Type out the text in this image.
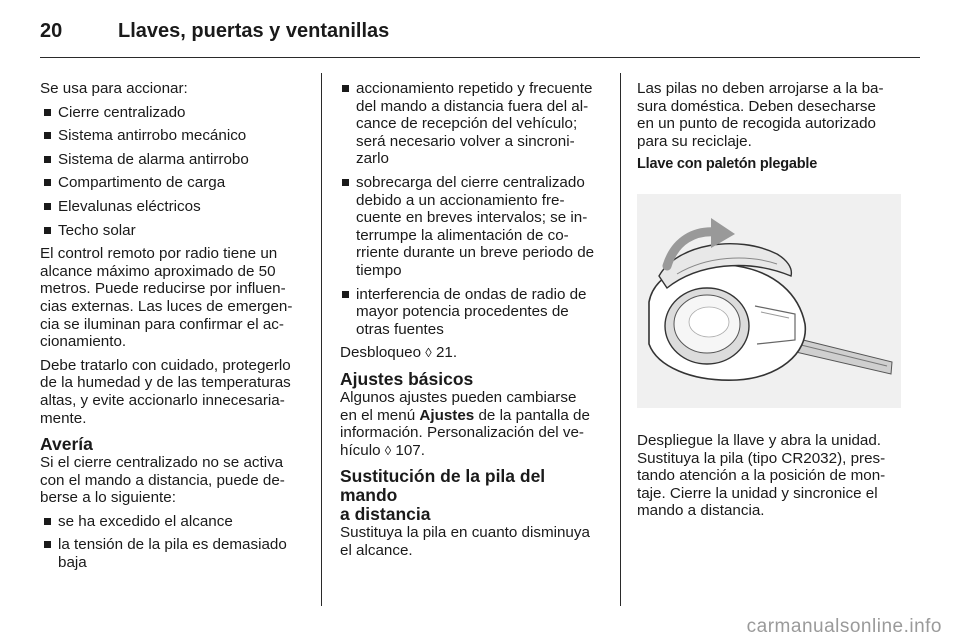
20	Llaves, puertas y ventanillas

Se usa para accionar:

Cierre centralizado
Sistema antirrobo mecánico
Sistema de alarma antirrobo
Compartimento de carga
Elevalunas eléctricos
Techo solar

El control remoto por radio tiene un
alcance máximo aproximado de 50
metros. Puede reducirse por influen-
cias externas. Las luces de emergen-
cia se iluminan para confirmar el ac-
cionamiento.

Debe tratarlo con cuidado, protegerlo
de la humedad y de las temperaturas
altas, y evite accionarlo innecesaria-
mente.

Avería

Si el cierre centralizado no se activa
con el mando a distancia, puede de-
berse a lo siguiente:

se ha excedido el alcance
la tensión de la pila es demasiado
baja
accionamiento repetido y frecuente
del mando a distancia fuera del al-
cance de recepción del vehículo;
será necesario volver a sincroni-
zarlo
sobrecarga del cierre centralizado
debido a un accionamiento fre-
cuente en breves intervalos; se in-
terrumpe la alimentación de co-
rriente durante un breve periodo de
tiempo
interferencia de ondas de radio de
mayor potencia procedentes de
otras fuentes

Desbloqueo ◊ 21.

Ajustes básicos

Algunos ajustes pueden cambiarse
en el menú Ajustes de la pantalla de
información. Personalización del ve-
hículo ◊ 107.

Sustitución de la pila del mando
a distancia

Sustituya la pila en cuanto disminuya
el alcance.

Las pilas no deben arrojarse a la ba-
sura doméstica. Deben desecharse
en un punto de recogida autorizado
para su reciclaje.

Llave con paletón plegable

Despliegue la llave y abra la unidad.
Sustituya la pila (tipo CR2032), pres-
tando atención a la posición de mon-
taje. Cierre la unidad y sincronice el
mando a distancia.

carmanualsonline.info
